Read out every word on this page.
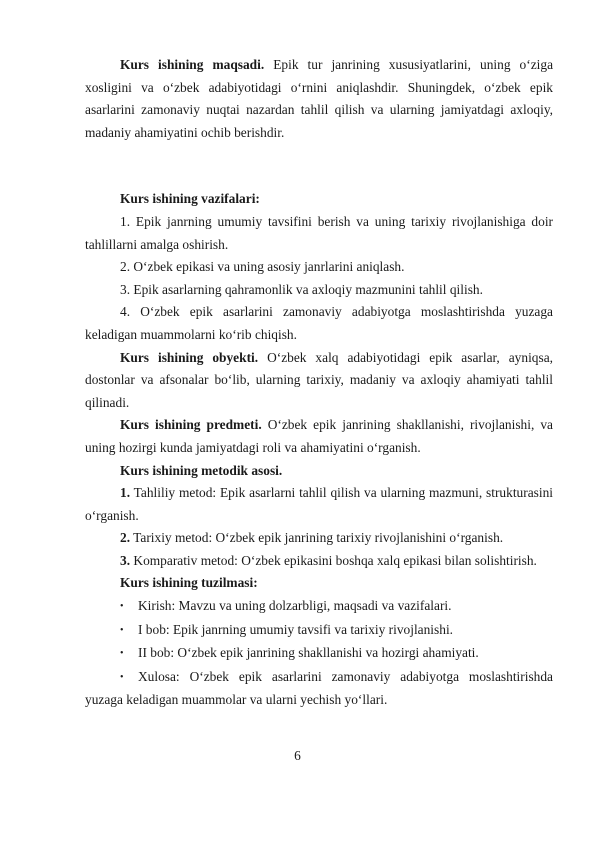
Kurs ishining maqsadi. Epik tur janrining xususiyatlarini, uning o‘ziga xosligini va o‘zbek adabiyotidagi o‘rnini aniqlashdir. Shuningdek, o‘zbek epik asarlarini zamonaviy nuqtai nazardan tahlil qilish va ularning jamiyatdagi axloqiy, madaniy ahamiyatini ochib berishdir.

Kurs ishining vazifalari:

1. Epik janrning umumiy tavsifini berish va uning tarixiy rivojlanishiga doir tahlillarni amalga oshirish.

2. O‘zbek epikasi va uning asosiy janrlarini aniqlash.

3. Epik asarlarning qahramonlik va axloqiy mazmunini tahlil qilish.

4. O‘zbek epik asarlarini zamonaviy adabiyotga moslashtirishda yuzaga keladigan muammolarni ko‘rib chiqish.

Kurs ishining obyekti. O‘zbek xalq adabiyotidagi epik asarlar, ayniqsa, dostonlar va afsonalar bo‘lib, ularning tarixiy, madaniy va axloqiy ahamiyati tahlil qilinadi.

Kurs ishining predmeti. O‘zbek epik janrining shakllanishi, rivojlanishi, va uning hozirgi kunda jamiyatdagi roli va ahamiyatini o‘rganish.

Kurs ishining metodik asosi.

1. Tahliliy metod: Epik asarlarni tahlil qilish va ularning mazmuni, strukturasini o‘rganish.

2. Tarixiy metod: O‘zbek epik janrining tarixiy rivojlanishini o‘rganish.

3. Komparativ metod: O‘zbek epikasini boshqa xalq epikasi bilan solishtirish.

Kurs ishining tuzilmasi:

• Kirish: Mavzu va uning dolzarbligi, maqsadi va vazifalari.

• I bob: Epik janrning umumiy tavsifi va tarixiy rivojlanishi.

• II bob: O‘zbek epik janrining shakllanishi va hozirgi ahamiyati.

• Xulosa: O‘zbek epik asarlarini zamonaviy adabiyotga moslashtirishda yuzaga keladigan muammolar va ularni yechish yo‘llari.

6
